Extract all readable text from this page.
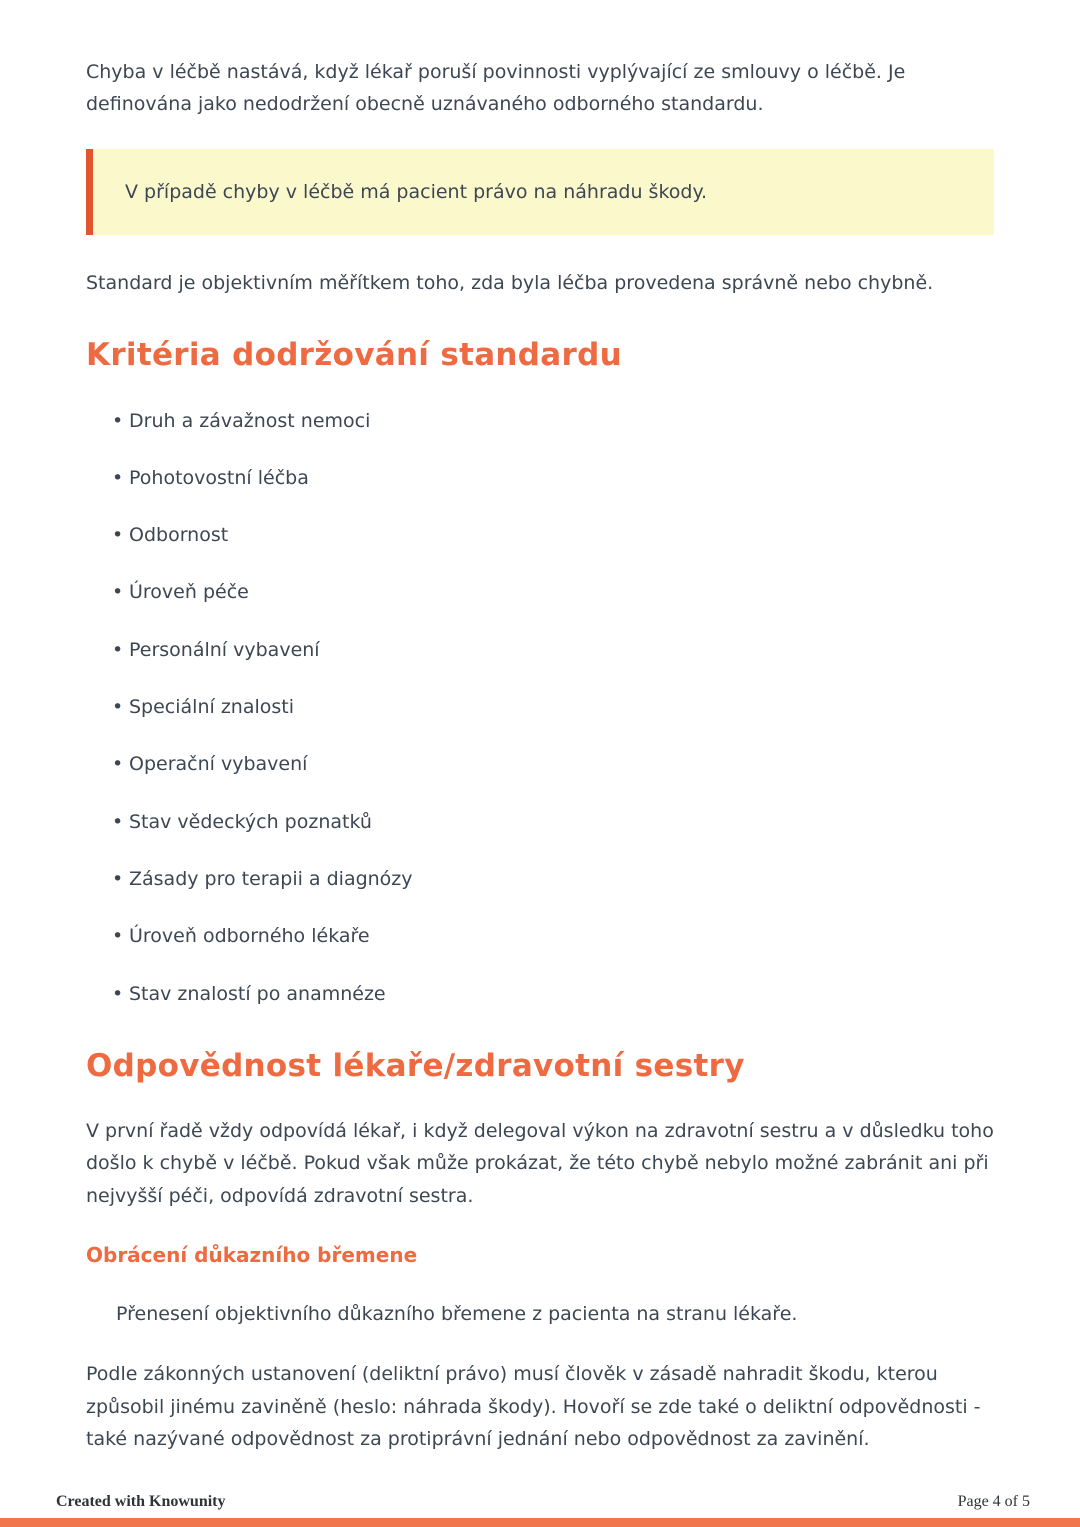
Chyba v léčbě nastává, když lékař poruší povinnosti vyplývající ze smlouvy o léčbě. Je definována jako nedodržení obecně uznávaného odborného standardu.

V případě chyby v léčbě má pacient právo na náhradu škody.

Standard je objektivním měřítkem toho, zda byla léčba provedena správně nebo chybně.

Kritéria dodržování standardu
• Druh a závažnost nemoci
• Pohotovostní léčba
• Odbornost
• Úroveň péče
• Personální vybavení
• Speciální znalosti
• Operační vybavení
• Stav vědeckých poznatků
• Zásady pro terapii a diagnózy
• Úroveň odborného lékaře
• Stav znalostí po anamnéze
Odpovědnost lékaře/zdravotní sestry

V první řadě vždy odpovídá lékař, i když delegoval výkon na zdravotní sestru a v důsledku toho došlo k chybě v léčbě. Pokud však může prokázat, že této chybě nebylo možné zabránit ani při nejvyšší péči, odpovídá zdravotní sestra.

Obrácení důkazního břemene

Přenesení objektivního důkazního břemene z pacienta na stranu lékaře.

Podle zákonných ustanovení (deliktní právo) musí člověk v zásadě nahradit škodu, kterou způsobil jinému zaviněně (heslo: náhrada škody). Hovoří se zde také o deliktní odpovědnosti - také nazývané odpovědnost za protiprávní jednání nebo odpovědnost za zavinění.

Created with Knowunity	Page 4 of 5
